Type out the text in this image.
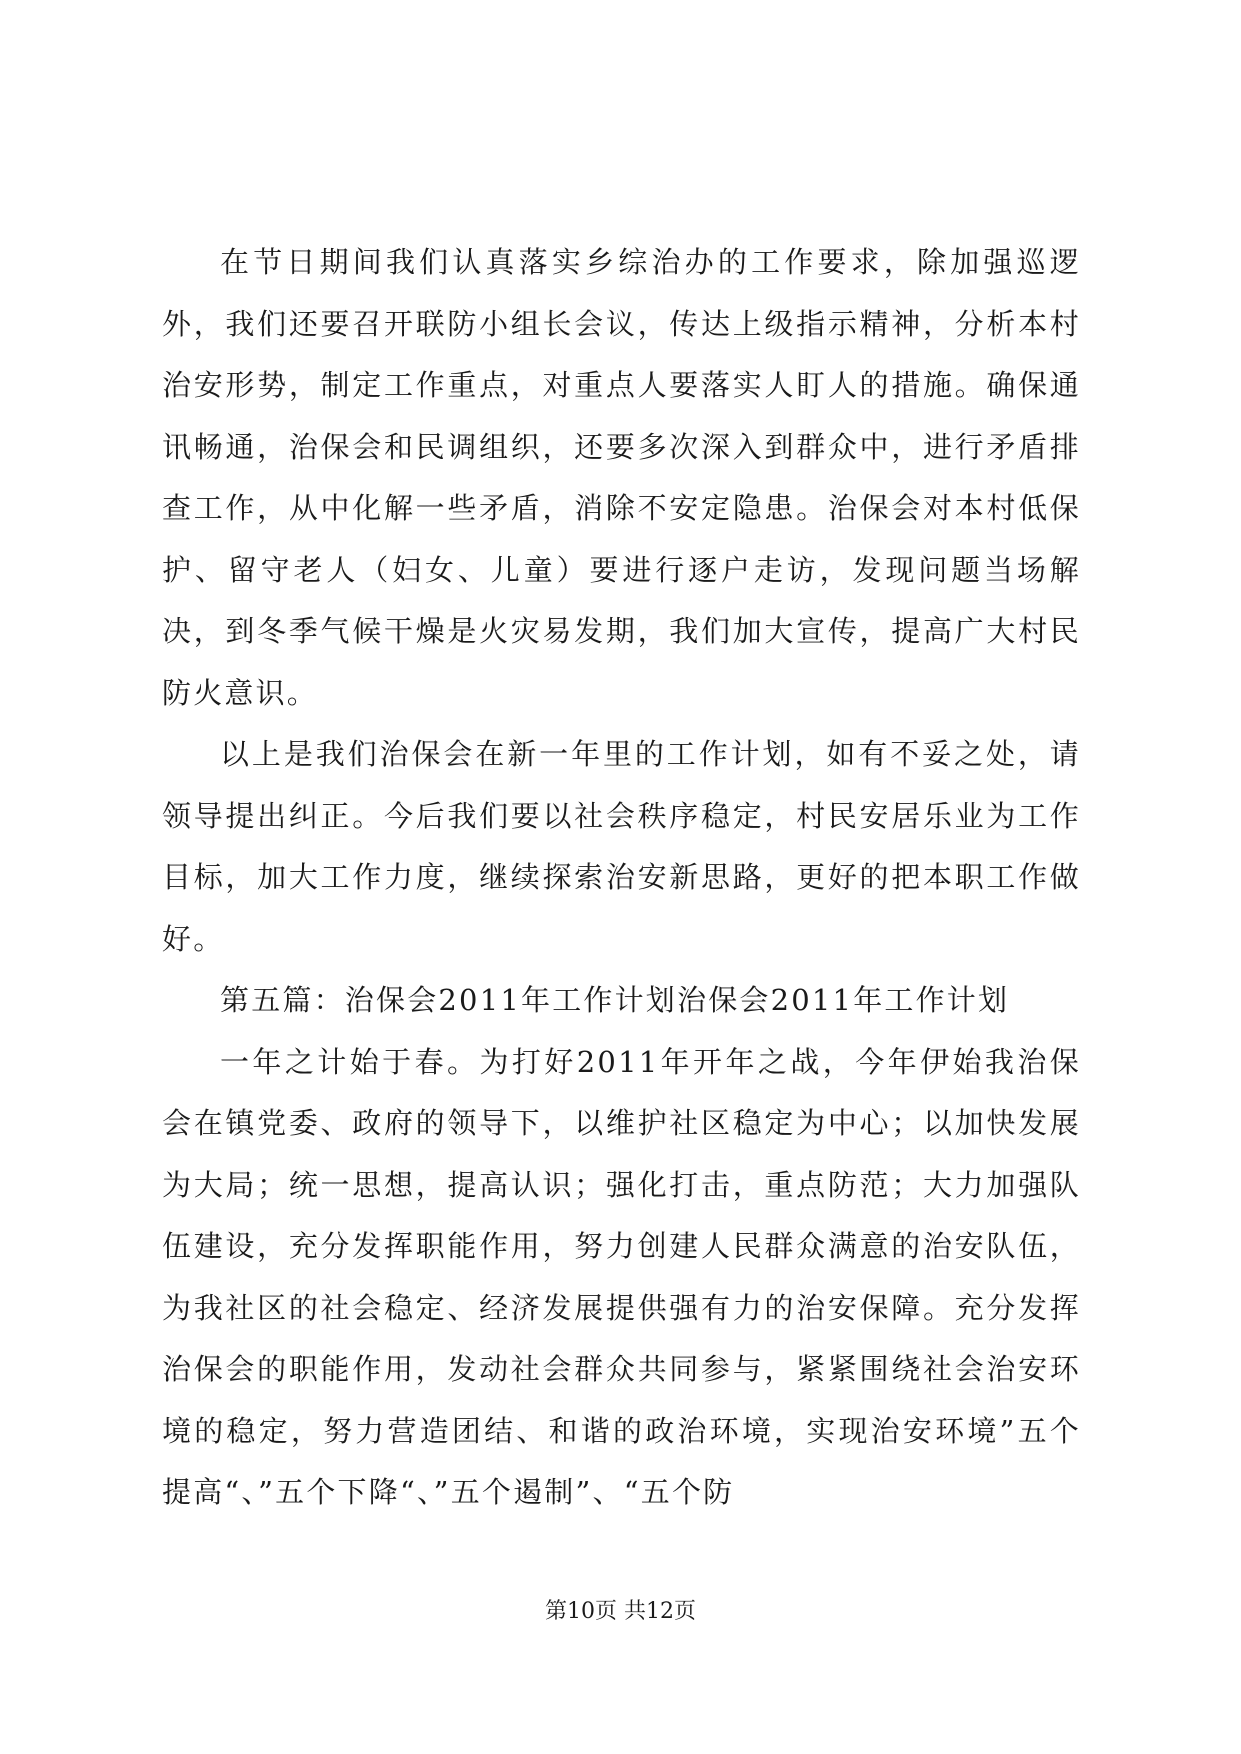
在节日期间我们认真落实乡综治办的工作要求，除加强巡逻外，我们还要召开联防小组长会议，传达上级指示精神，分析本村治安形势，制定工作重点，对重点人要落实人盯人的措施。确保通讯畅通，治保会和民调组织，还要多次深入到群众中，进行矛盾排查工作，从中化解一些矛盾，消除不安定隐患。治保会对本村低保护、留守老人（妇女、儿童）要进行逐户走访，发现问题当场解决，到冬季气候干燥是火灾易发期，我们加大宣传，提高广大村民防火意识。

以上是我们治保会在新一年里的工作计划，如有不妥之处，请领导提出纠正。今后我们要以社会秩序稳定，村民安居乐业为工作目标，加大工作力度，继续探索治安新思路，更好的把本职工作做好。

第五篇：治保会2011年工作计划治保会2011年工作计划

一年之计始于春。为打好2011年开年之战，今年伊始我治保会在镇党委、政府的领导下，以维护社区稳定为中心；以加快发展为大局；统一思想，提高认识；强化打击，重点防范；大力加强队伍建设，充分发挥职能作用，努力创建人民群众满意的治安队伍，为我社区的社会稳定、经济发展提供强有力的治安保障。充分发挥治保会的职能作用，发动社会群众共同参与，紧紧围绕社会治安环境的稳定，努力营造团结、和谐的政治环境，实现治安环境”五个提高“、”五个下降“、”五个遏制”、“五个防

第10页 共12页
